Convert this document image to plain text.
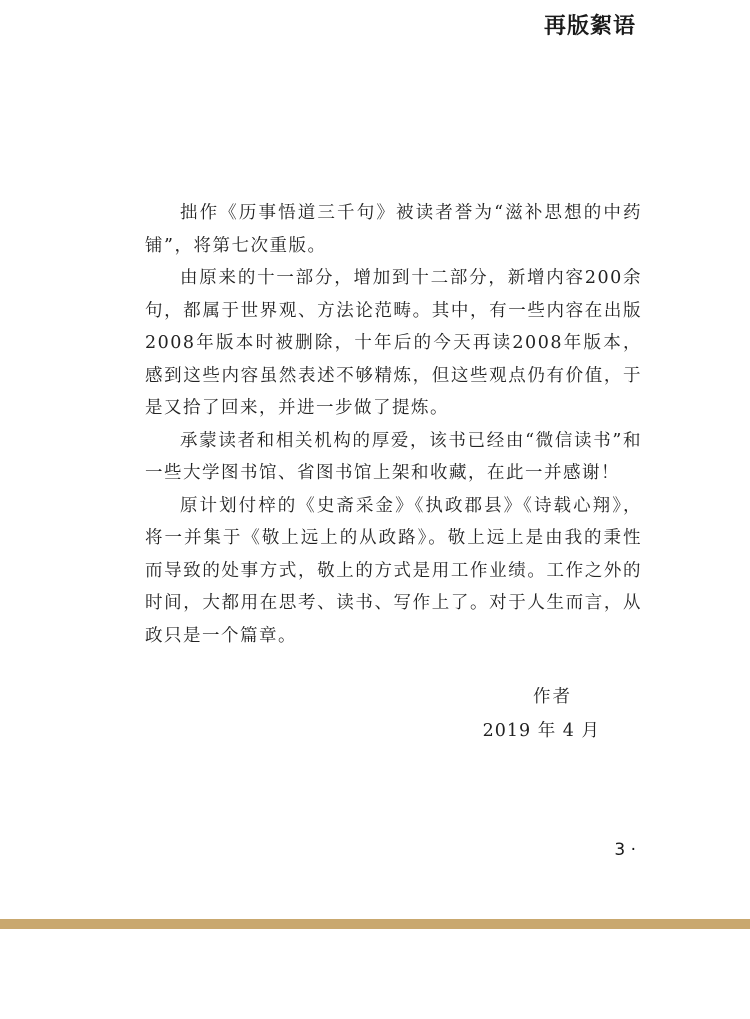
再版絮语

拙作《历事悟道三千句》被读者誉为“滋补思想的中药铺”，将第七次重版。

由原来的十一部分，增加到十二部分，新增内容200余句，都属于世界观、方法论范畴。其中，有一些内容在出版2008年版本时被删除，十年后的今天再读2008年版本，感到这些内容虽然表述不够精炼，但这些观点仍有价值，于是又拾了回来，并进一步做了提炼。

承蒙读者和相关机构的厚爱，该书已经由“微信读书”和一些大学图书馆、省图书馆上架和收藏，在此一并感谢！

原计划付梓的《史斋采金》《执政郡县》《诗载心翔》，将一并集于《敬上远上的从政路》。敬上远上是由我的秉性而导致的处事方式，敬上的方式是用工作业绩。工作之外的时间，大都用在思考、读书、写作上了。对于人生而言，从政只是一个篇章。

作者
2019 年 4 月
3 ·
